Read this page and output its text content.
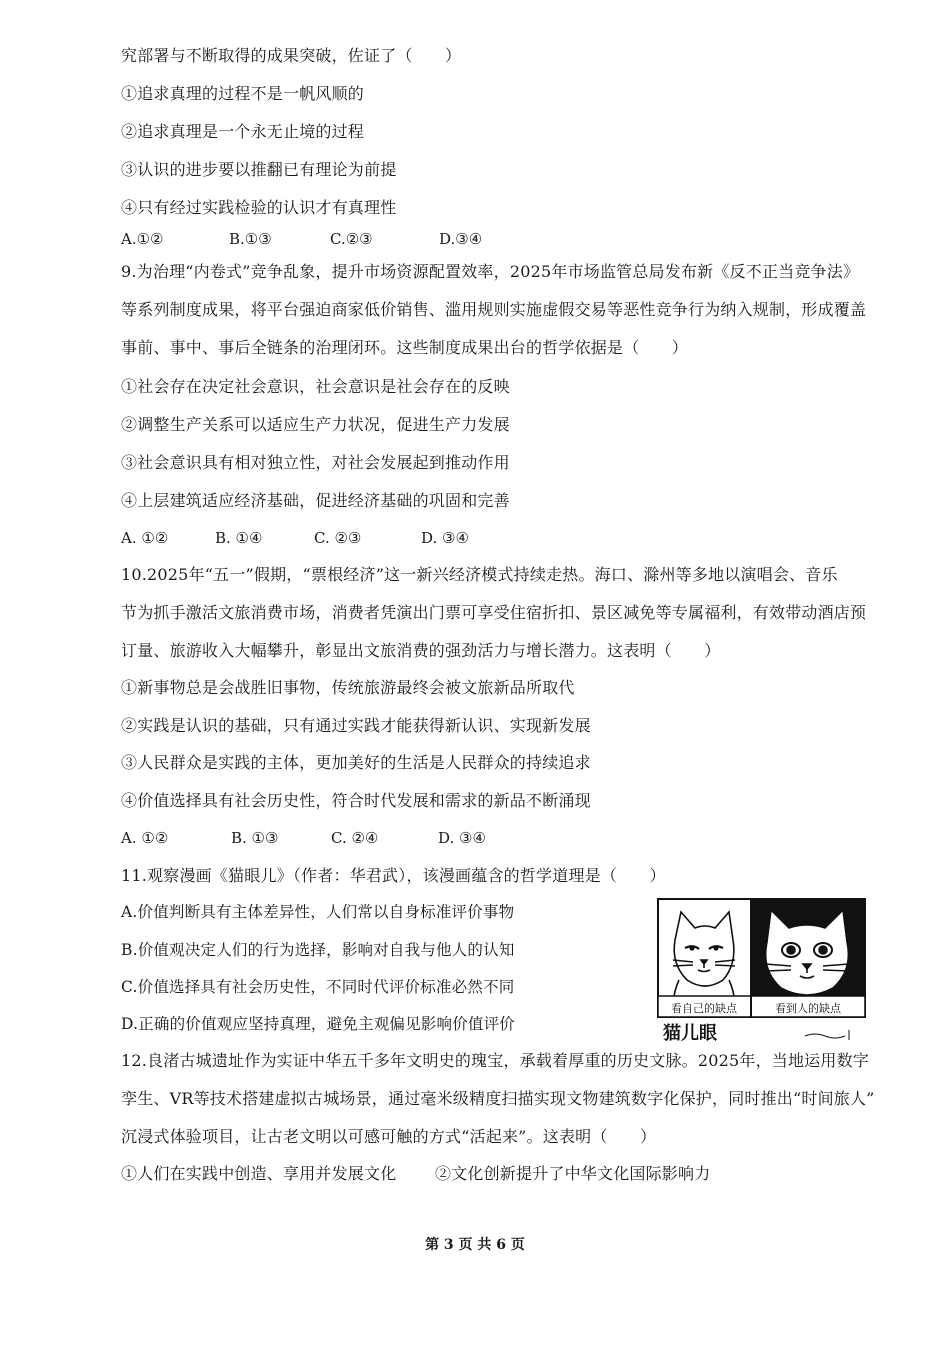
究部署与不断取得的成果突破，佐证了（　　）
①追求真理的过程不是一帆风顺的
②追求真理是一个永无止境的过程
③认识的进步要以推翻已有理论为前提
④只有经过实践检验的认识才有真理性
A.①②	B.①③	C.②③	D.③④
9.为治理“内卷式”竞争乱象，提升市场资源配置效率，2025年市场监管总局发布新《反不正当竞争法》
等系列制度成果，将平台强迫商家低价销售、滥用规则实施虚假交易等恶性竞争行为纳入规制，形成覆盖
事前、事中、事后全链条的治理闭环。这些制度成果出台的哲学依据是（　　）
①社会存在决定社会意识，社会意识是社会存在的反映
②调整生产关系可以适应生产力状况，促进生产力发展
③社会意识具有相对独立性，对社会发展起到推动作用
④上层建筑适应经济基础，促进经济基础的巩固和完善
A. ①②	B. ①④	C. ②③	D. ③④
10.2025年“五一”假期，“票根经济”这一新兴经济模式持续走热。海口、滁州等多地以演唱会、音乐
节为抓手激活文旅消费市场，消费者凭演出门票可享受住宿折扣、景区减免等专属福利，有效带动酒店预
订量、旅游收入大幅攀升，彰显出文旅消费的强劲活力与增长潜力。这表明（　　）
①新事物总是会战胜旧事物，传统旅游最终会被文旅新品所取代
②实践是认识的基础，只有通过实践才能获得新认识、实现新发展
③人民群众是实践的主体，更加美好的生活是人民群众的持续追求
④价值选择具有社会历史性，符合时代发展和需求的新品不断涌现
A. ①②	B. ①③	C. ②④	D. ③④
11.观察漫画《猫眼儿》（作者：华君武），该漫画蕴含的哲学道理是（　　）
A.价值判断具有主体差异性，人们常以自身标准评价事物
B.价值观决定人们的行为选择，影响对自我与他人的认知
C.价值选择具有社会历史性，不同时代评价标准必然不同
D.正确的价值观应坚持真理，避免主观偏见影响价值评价
看自己的缺点	看到人的缺点
猫儿眼
12.良渚古城遗址作为实证中华五千多年文明史的瑰宝，承载着厚重的历史文脉。2025年，当地运用数字
孪生、VR等技术搭建虚拟古城场景，通过毫米级精度扫描实现文物建筑数字化保护，同时推出“时间旅人”
沉浸式体验项目，让古老文明以可感可触的方式“活起来”。这表明（　　）
①人们在实践中创造、享用并发展文化 ②文化创新提升了中华文化国际影响力
第 3 页 共 6 页
